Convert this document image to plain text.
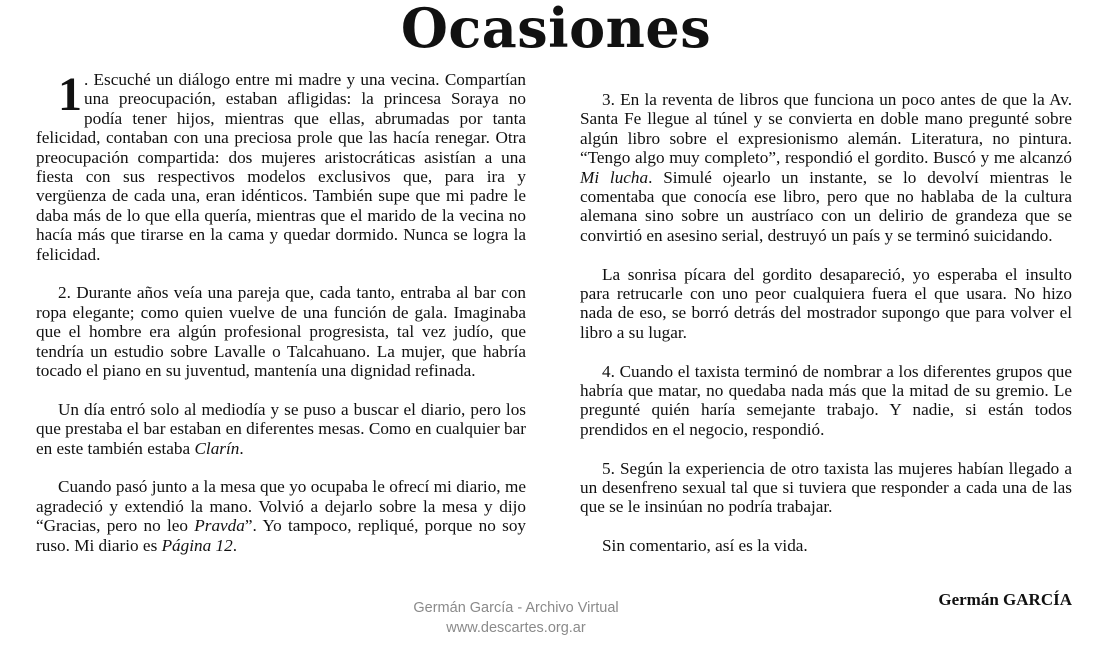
Ocasiones

1 . Escuché un diálogo entre mi madre y una vecina. Compartían una preocupación, estaban afligidas: la princesa Soraya no podía tener hijos, mientras que ellas, abrumadas por tanta felicidad, contaban con una preciosa prole que las hacía renegar. Otra preocupación compartida: dos mujeres aristocráticas asistían a una fiesta con sus respectivos modelos exclusivos que, para ira y vergüenza de cada una, eran idénticos. También supe que mi padre le daba más de lo que ella quería, mientras que el marido de la vecina no hacía más que tirarse en la cama y quedar dormido. Nunca se logra la felicidad.

2. Durante años veía una pareja que, cada tanto, entraba al bar con ropa elegante; como quien vuelve de una función de gala. Imaginaba que el hombre era algún profesional progresista, tal vez judío, que tendría un estudio sobre Lavalle o Talcahuano. La mujer, que habría tocado el piano en su juventud, mantenía una dignidad refinada.

Un día entró solo al mediodía y se puso a buscar el diario, pero los que prestaba el bar estaban en diferentes mesas. Como en cualquier bar en este también estaba Clarín.

Cuando pasó junto a la mesa que yo ocupaba le ofrecí mi diario, me agradeció y extendió la mano. Volvió a dejarlo sobre la mesa y dijo “Gracias, pero no leo Pravda”. Yo tampoco, repliqué, porque no soy ruso. Mi diario es Página 12.

3. En la reventa de libros que funciona un poco antes de que la Av. Santa Fe llegue al túnel y se convierta en doble mano pregunté sobre algún libro sobre el expresionismo alemán. Literatura, no pintura. “Tengo algo muy completo”, respondió el gordito. Buscó y me alcanzó Mi lucha. Simulé ojearlo un instante, se lo devolví mientras le comentaba que conocía ese libro, pero que no hablaba de la cultura alemana sino sobre un austríaco con un delirio de grandeza que se convirtió en asesino serial, destruyó un país y se terminó suicidando.

La sonrisa pícara del gordito desapareció, yo esperaba el insulto para retrucarle con uno peor cualquiera fuera el que usara. No hizo nada de eso, se borró detrás del mostrador supongo que para volver el libro a su lugar.

4. Cuando el taxista terminó de nombrar a los diferentes grupos que habría que matar, no quedaba nada más que la mitad de su gremio. Le pregunté quién haría semejante trabajo. Y nadie, si están todos prendidos en el negocio, respondió.

5. Según la experiencia de otro taxista las mujeres habían llegado a un desenfreno sexual tal que si tuviera que responder a cada una de las que se le insinúan no podría trabajar.

Sin comentario, así es la vida.

Germán GARCÍA
Germán García - Archivo Virtual
www.descartes.org.ar
